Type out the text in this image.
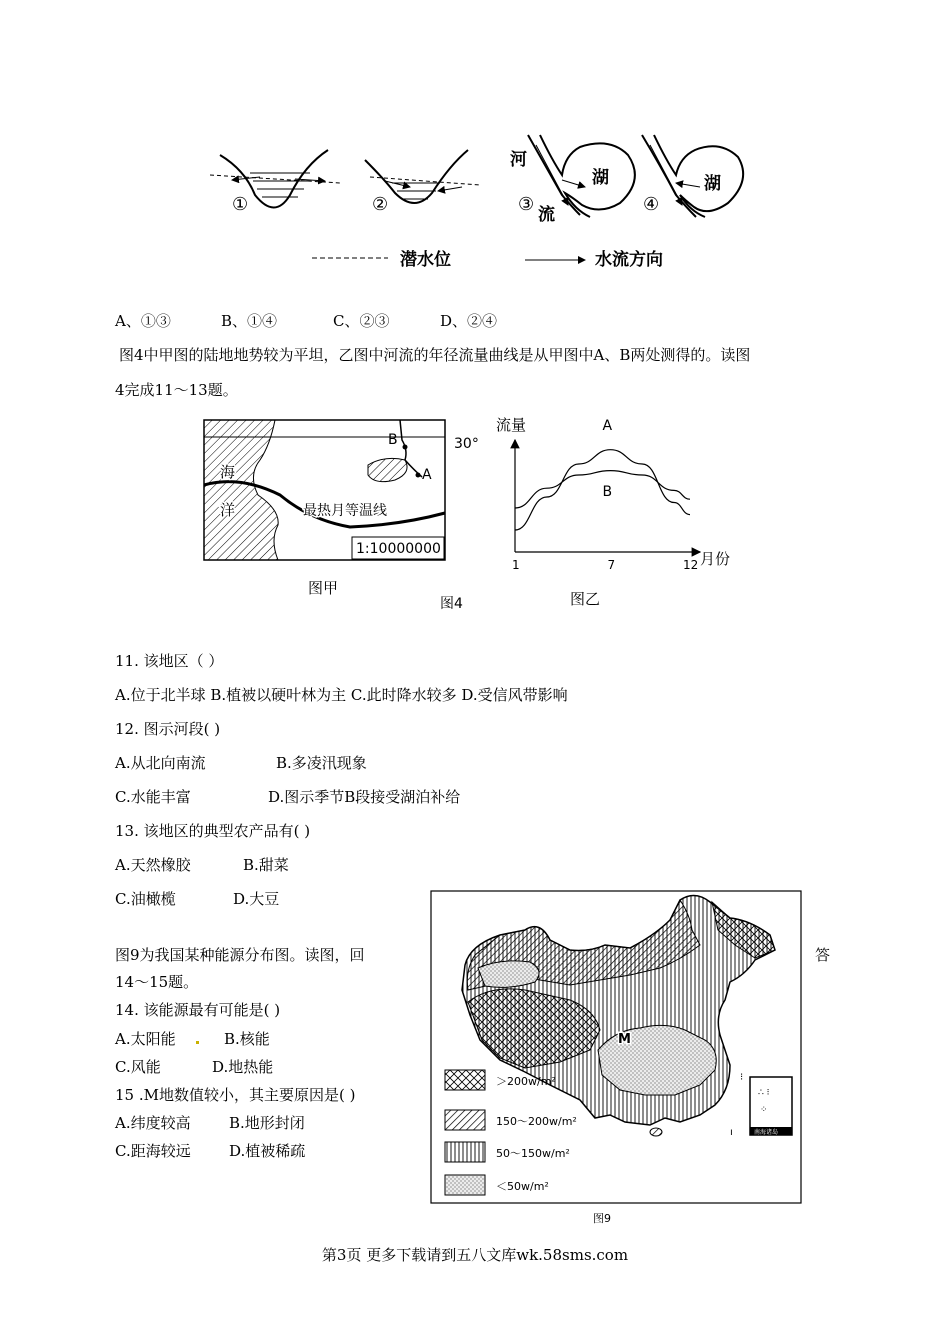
①	②
河
湖
③ 流
湖
④
潜水位	水流方向
A、①③	B、①④	C、②③	D、②④
图4中甲图的陆地地势较为平坦，乙图中河流的年径流量曲线是从甲图中A、B两处测得的。读图
4完成11～13题。
海
洋	最热月等温线
B
A
1:10000000
图甲
30°
流量
月份
A
B
1	7	12
图4	图乙
11. 该地区（ ）
A.位于北半球 B.植被以硬叶林为主 C.此时降水较多 D.受信风带影响
12. 图示河段( )
A.从北向南流	B.多凌汛现象
C.水能丰富	D.图示季节B段接受湖泊补给
13. 该地区的典型农产品有( )
A.天然橡胶	B.甜菜
C.油橄榄	D.大豆
M
⁝
ı	南海诸岛
∴ ⁝
⁘
＞200w/m²
150～200w/m²
50～150w/m²
＜50w/m²
图9
图9为我国某种能源分布图。读图，回	答
14～15题。
14. 该能源最有可能是( )
A.太阳能	B.核能
C.风能	D.地热能
15 .M地数值较小，其主要原因是( )
A.纬度较高	B.地形封闭
C.距海较远	D.植被稀疏
第3页 更多下载请到五八文库wk.58sms.com
